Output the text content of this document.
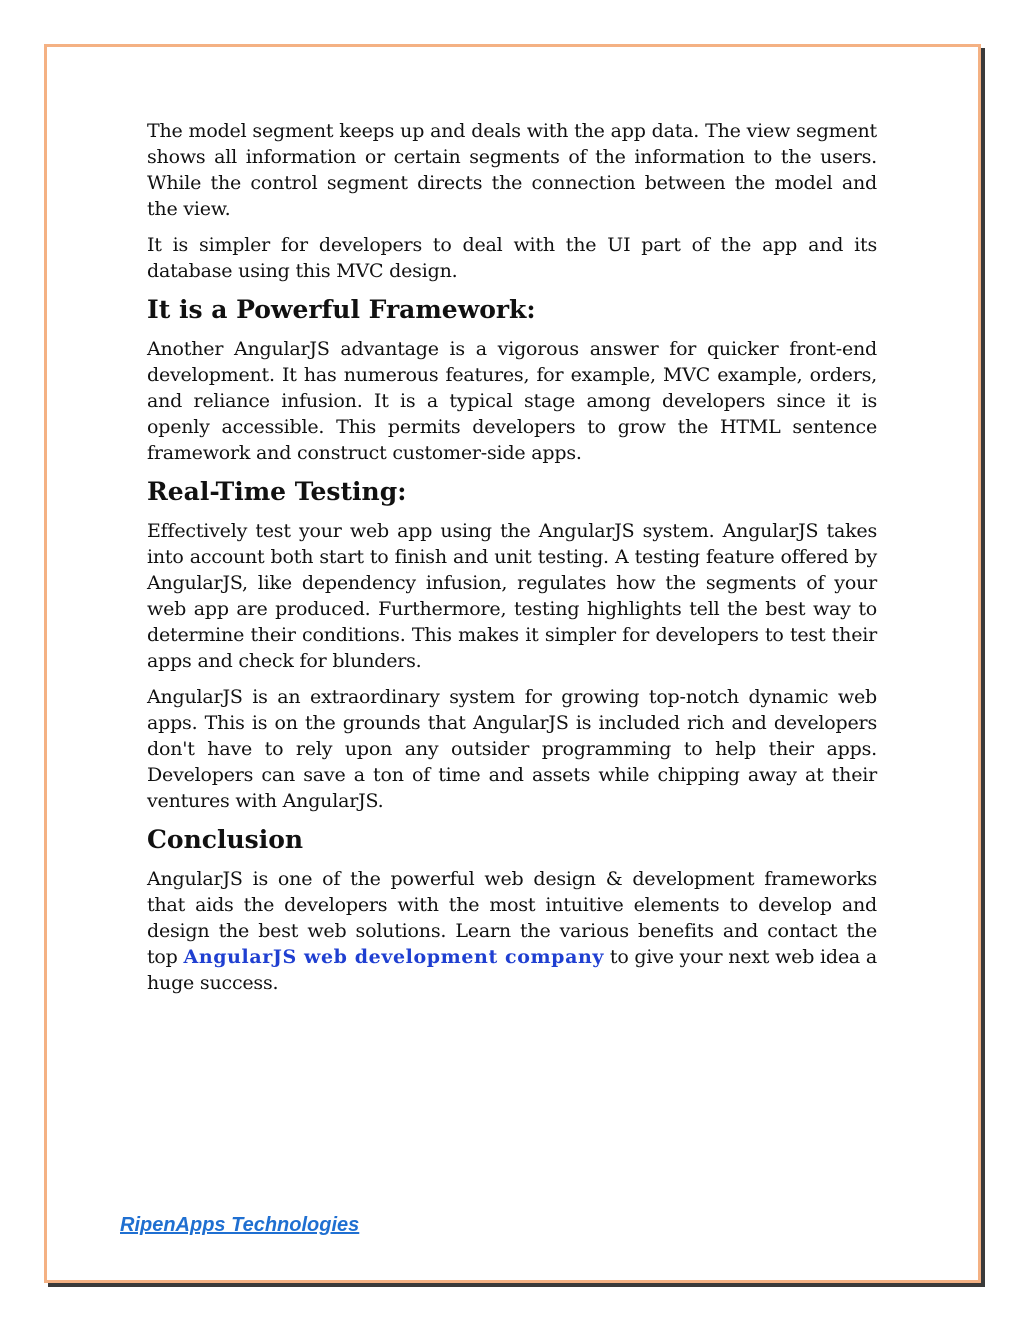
The model segment keeps up and deals with the app data. The view segment shows all information or certain segments of the information to the users. While the control segment directs the connection between the model and the view.

It is simpler for developers to deal with the UI part of the app and its database using this MVC design.

It is a Powerful Framework:

Another AngularJS advantage is a vigorous answer for quicker front-end development. It has numerous features, for example, MVC example, orders, and reliance infusion. It is a typical stage among developers since it is openly accessible. This permits developers to grow the HTML sentence framework and construct customer-side apps.

Real-Time Testing:

Effectively test your web app using the AngularJS system. AngularJS takes into account both start to finish and unit testing. A testing feature offered by AngularJS, like dependency infusion, regulates how the segments of your web app are produced. Furthermore, testing highlights tell the best way to determine their conditions. This makes it simpler for developers to test their apps and check for blunders.

AngularJS is an extraordinary system for growing top-notch dynamic web apps. This is on the grounds that AngularJS is included rich and developers don't have to rely upon any outsider programming to help their apps. Developers can save a ton of time and assets while chipping away at their ventures with AngularJS.

Conclusion

AngularJS is one of the powerful web design & development frameworks that aids the developers with the most intuitive elements to develop and design the best web solutions. Learn the various benefits and contact the top AngularJS web development company to give your next web idea a huge success.

RipenApps Technologies
